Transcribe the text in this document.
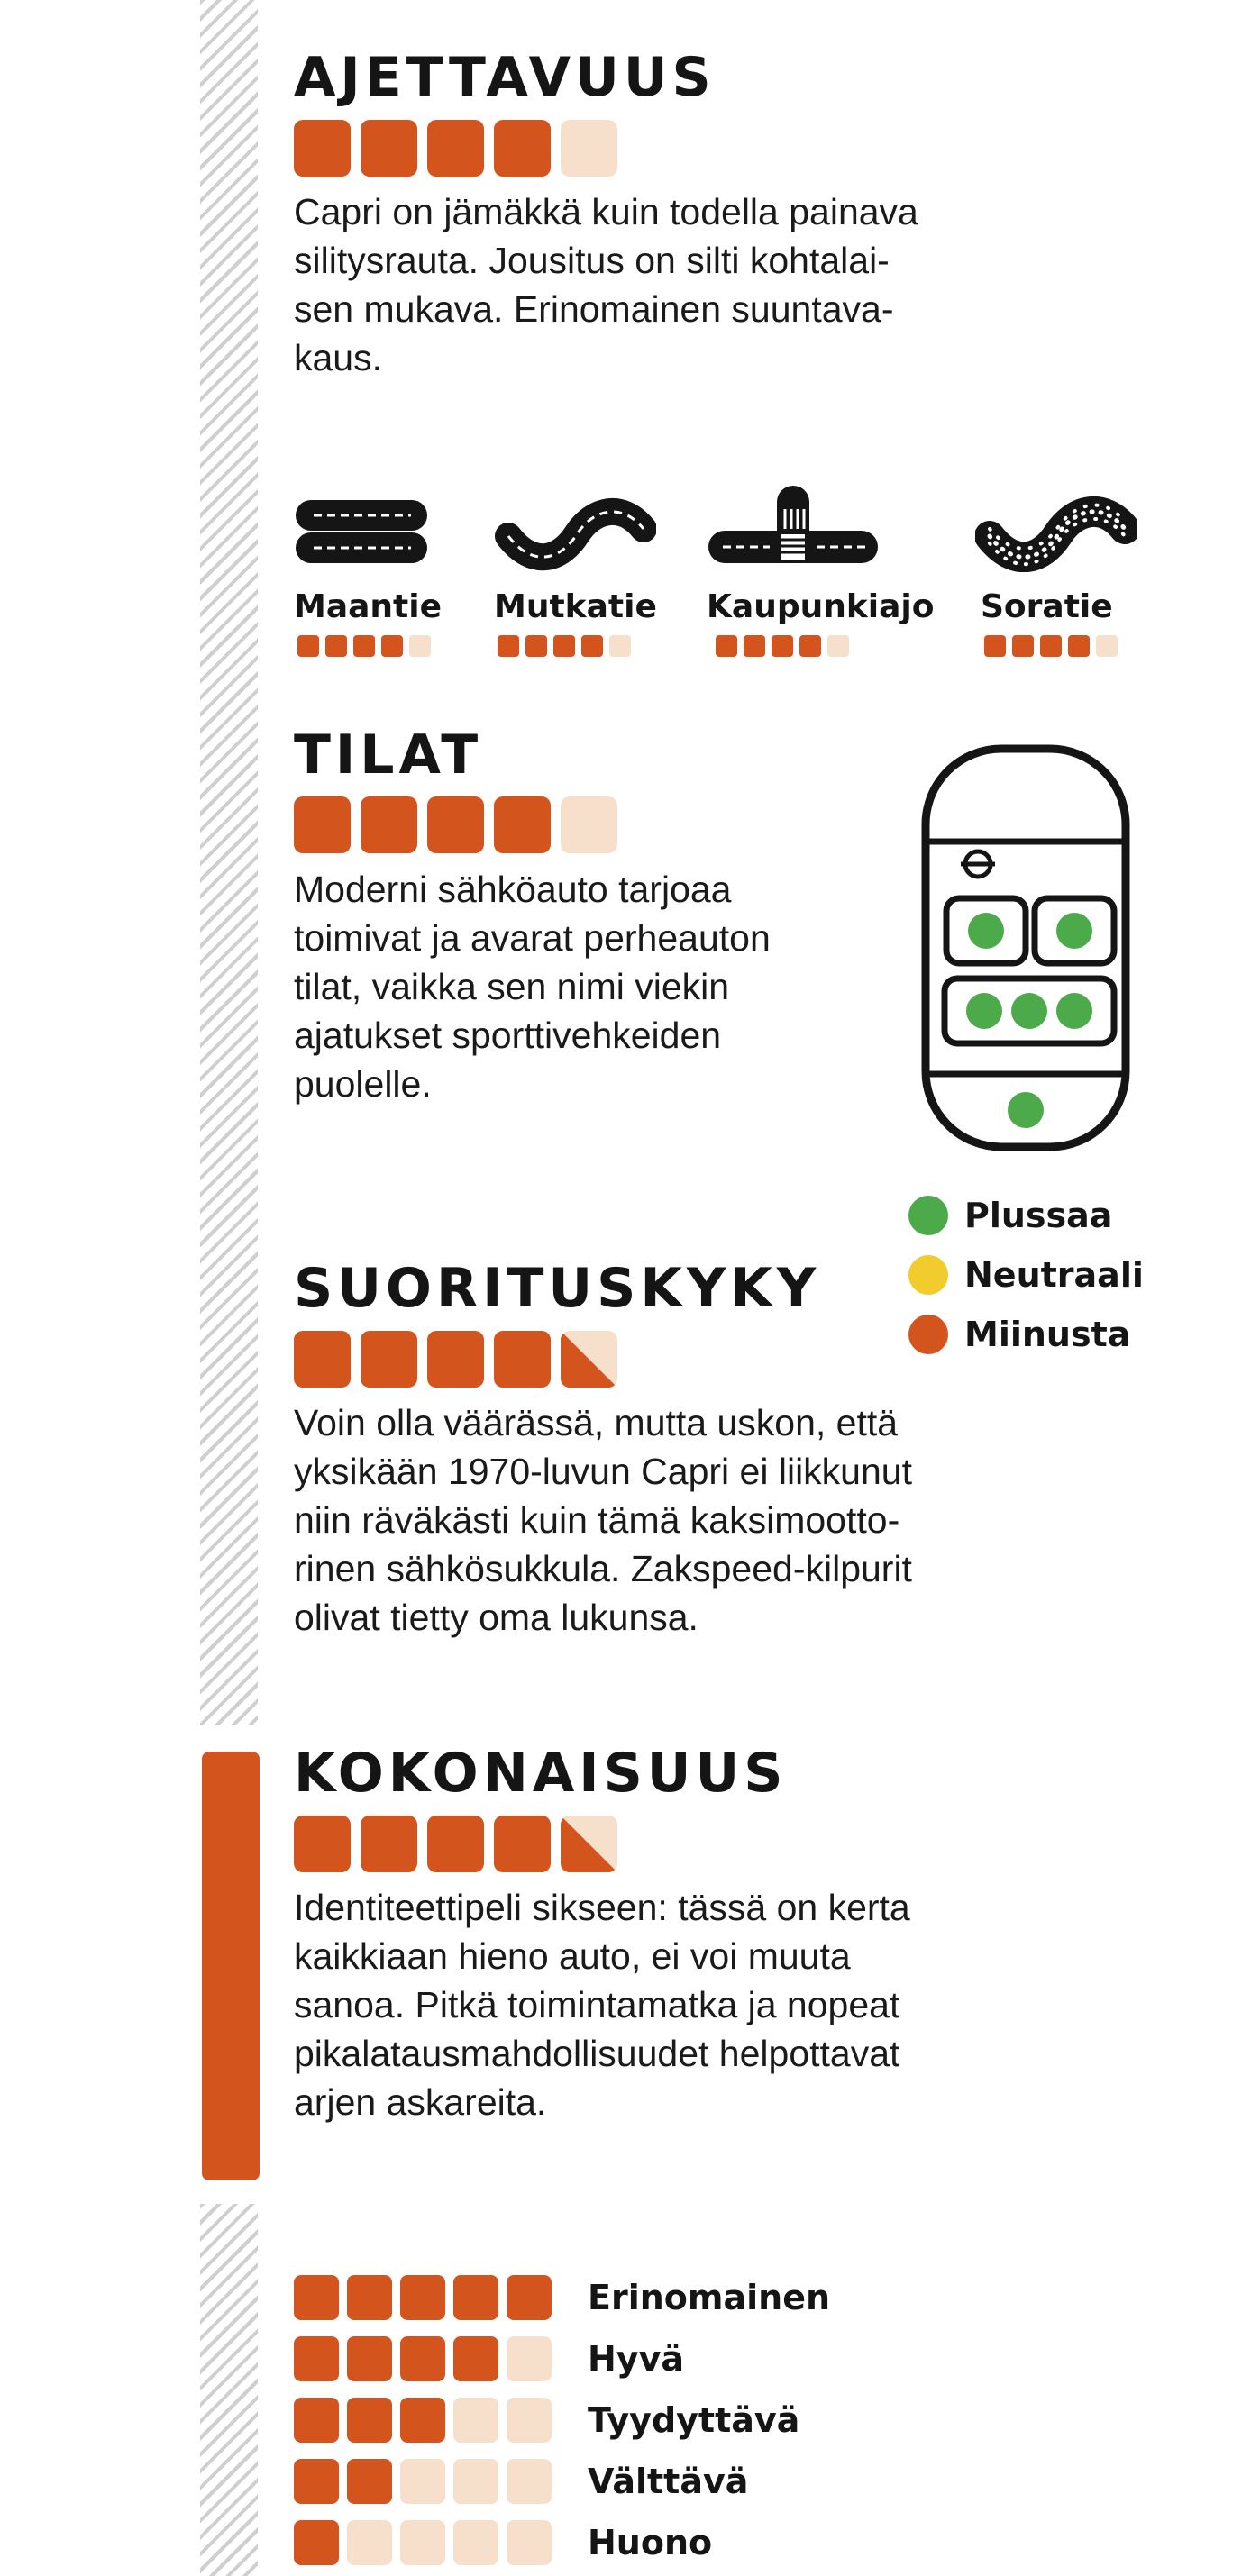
AJETTAVUUS
Capri on jämäkkä kuin todella painava
silitysrauta. Jousitus on silti kohtalai-
sen mukava. Erinomainen suuntava-
kaus.
Maantie Mutkatie Kaupunkiajo Soratie
TILAT
Moderni sähköauto tarjoaa
toimivat ja avarat perheauton
tilat, vaikka sen nimi viekin
ajatukset sporttivehkeiden
puolelle.
Plussaa
Neutraali
Miinusta
SUORITUSKYKY
Voin olla väärässä, mutta uskon, että
yksikään 1970-luvun Capri ei liikkunut
niin räväkästi kuin tämä kaksimoottо-
rinen sähkösukkula. Zakspeed-kilpurit
olivat tietty oma lukunsa.
KOKONAISUUS
Identiteettipeli sikseen: tässä on kerta
kaikkiaan hieno auto, ei voi muuta
sanoa. Pitkä toimintamatka ja nopeat
pikalatausmahdollisuudet helpottavat
arjen askareita.
Erinomainen
Hyvä
Tyydyttävä
Välttävä
Huono
